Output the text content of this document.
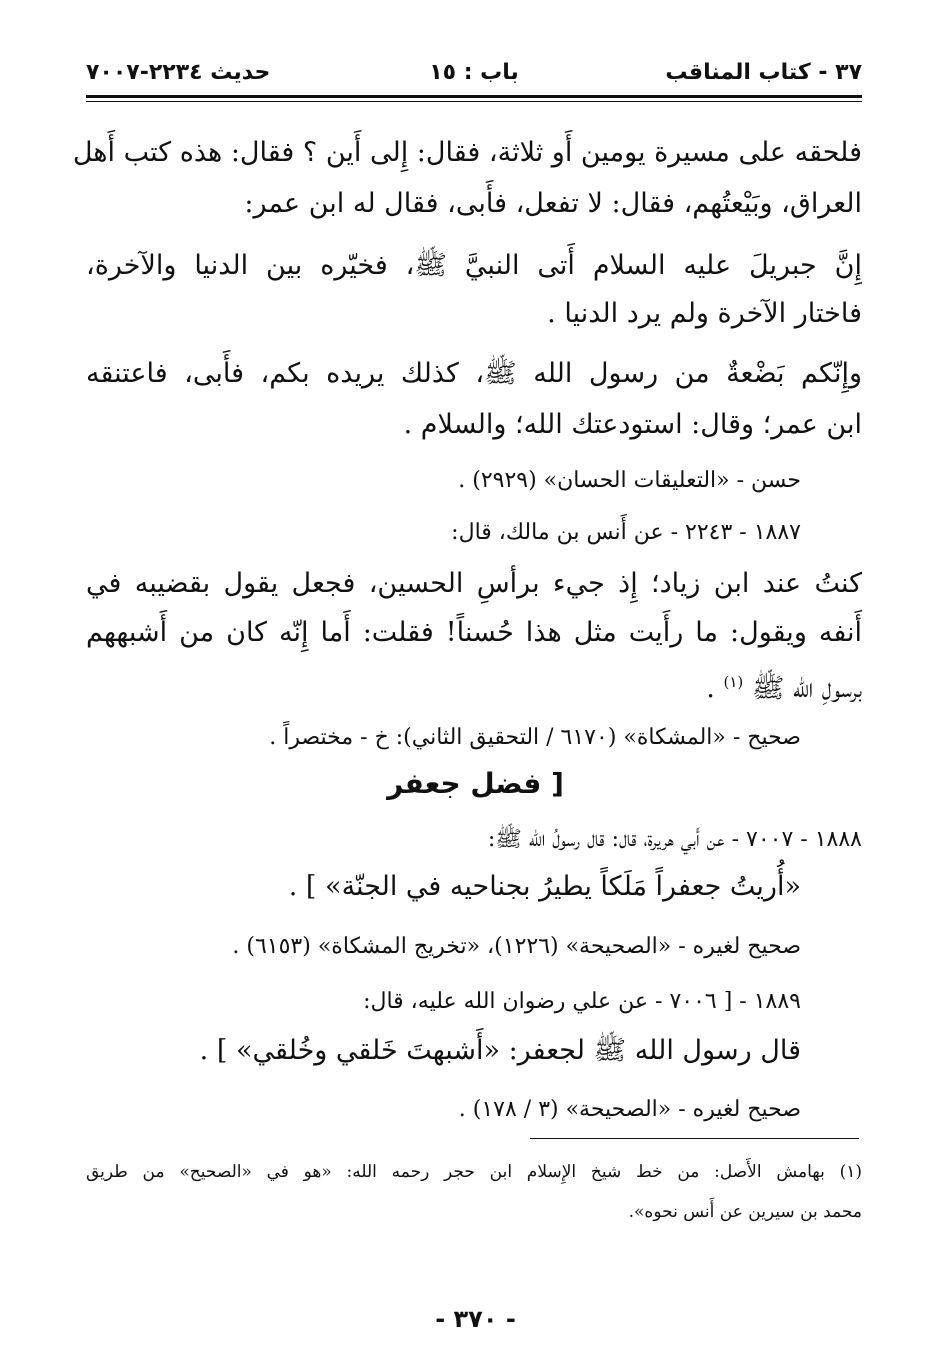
٣٧ - كتاب المناقب
باب : ١٥
حديث ٢٢٣٤-٧٠٠٧
فلحقه على مسيرة يومين أَو ثلاثة، فقال: إِلى أَين ؟ فقال: هذه كتب أَهل
العراق، وبَيْعتُهم، فقال: لا تفعل، فأَبى، فقال له ابن عمر:
إِنَّ جبريلَ عليه السلام أَتى النبيَّ ﷺ، فخيّره بين الدنيا والآخرة،
فاختار الآخرة ولم يرد الدنيا .
وإِنّكم بَضْعةٌ من رسول الله ﷺ، كذلك يريده بكم، فأَبى، فاعتنقه
ابن عمر؛ وقال: استودعتك الله؛ والسلام .
حسن - «التعليقات الحسان» (٢٩٢٩) .
١٨٨٧ - ٢٢٤٣ - عن أَنس بن مالك، قال:
كنتُ عند ابن زياد؛ إِذ جيء برأسِ الحسين، فجعل يقول بقضيبه في
أَنفه ويقول: ما رأَيت مثل هذا حُسناً! فقلت: أَما إِنّه كان من أَشبههم
برسولِ الله ﷺ $^{(١)}$ .
صحيح - «المشكاة» (٦١٧٠ / التحقيق الثاني): خ - مختصراً .
[ فضل جعفر
١٨٨٨ - ٧٠٠٧ - عن أَبي هريرة، قال: قال رسولُ الله ﷺ:
«أُريتُ جعفراً مَلَكاً يطيرُ بجناحيه في الجنّة» ] .
صحيح لغيره - «الصحيحة» (١٢٢٦)، «تخريج المشكاة» (٦١٥٣) .
١٨٨٩ - [ ٧٠٠٦ - عن علي رضوان الله عليه، قال:
قال رسول الله ﷺ لجعفر: «أَشبهتَ خَلقي وخُلقي» ] .
صحيح لغيره - «الصحيحة» (٣ / ١٧٨) .
(١) بهامش الأَصل: من خط شيخ الإِسلام ابن حجر رحمه الله: «هو في «الصحيح» من طريق
محمد بن سيرين عن أَنس نحوه».
- ٣٧٠ -
